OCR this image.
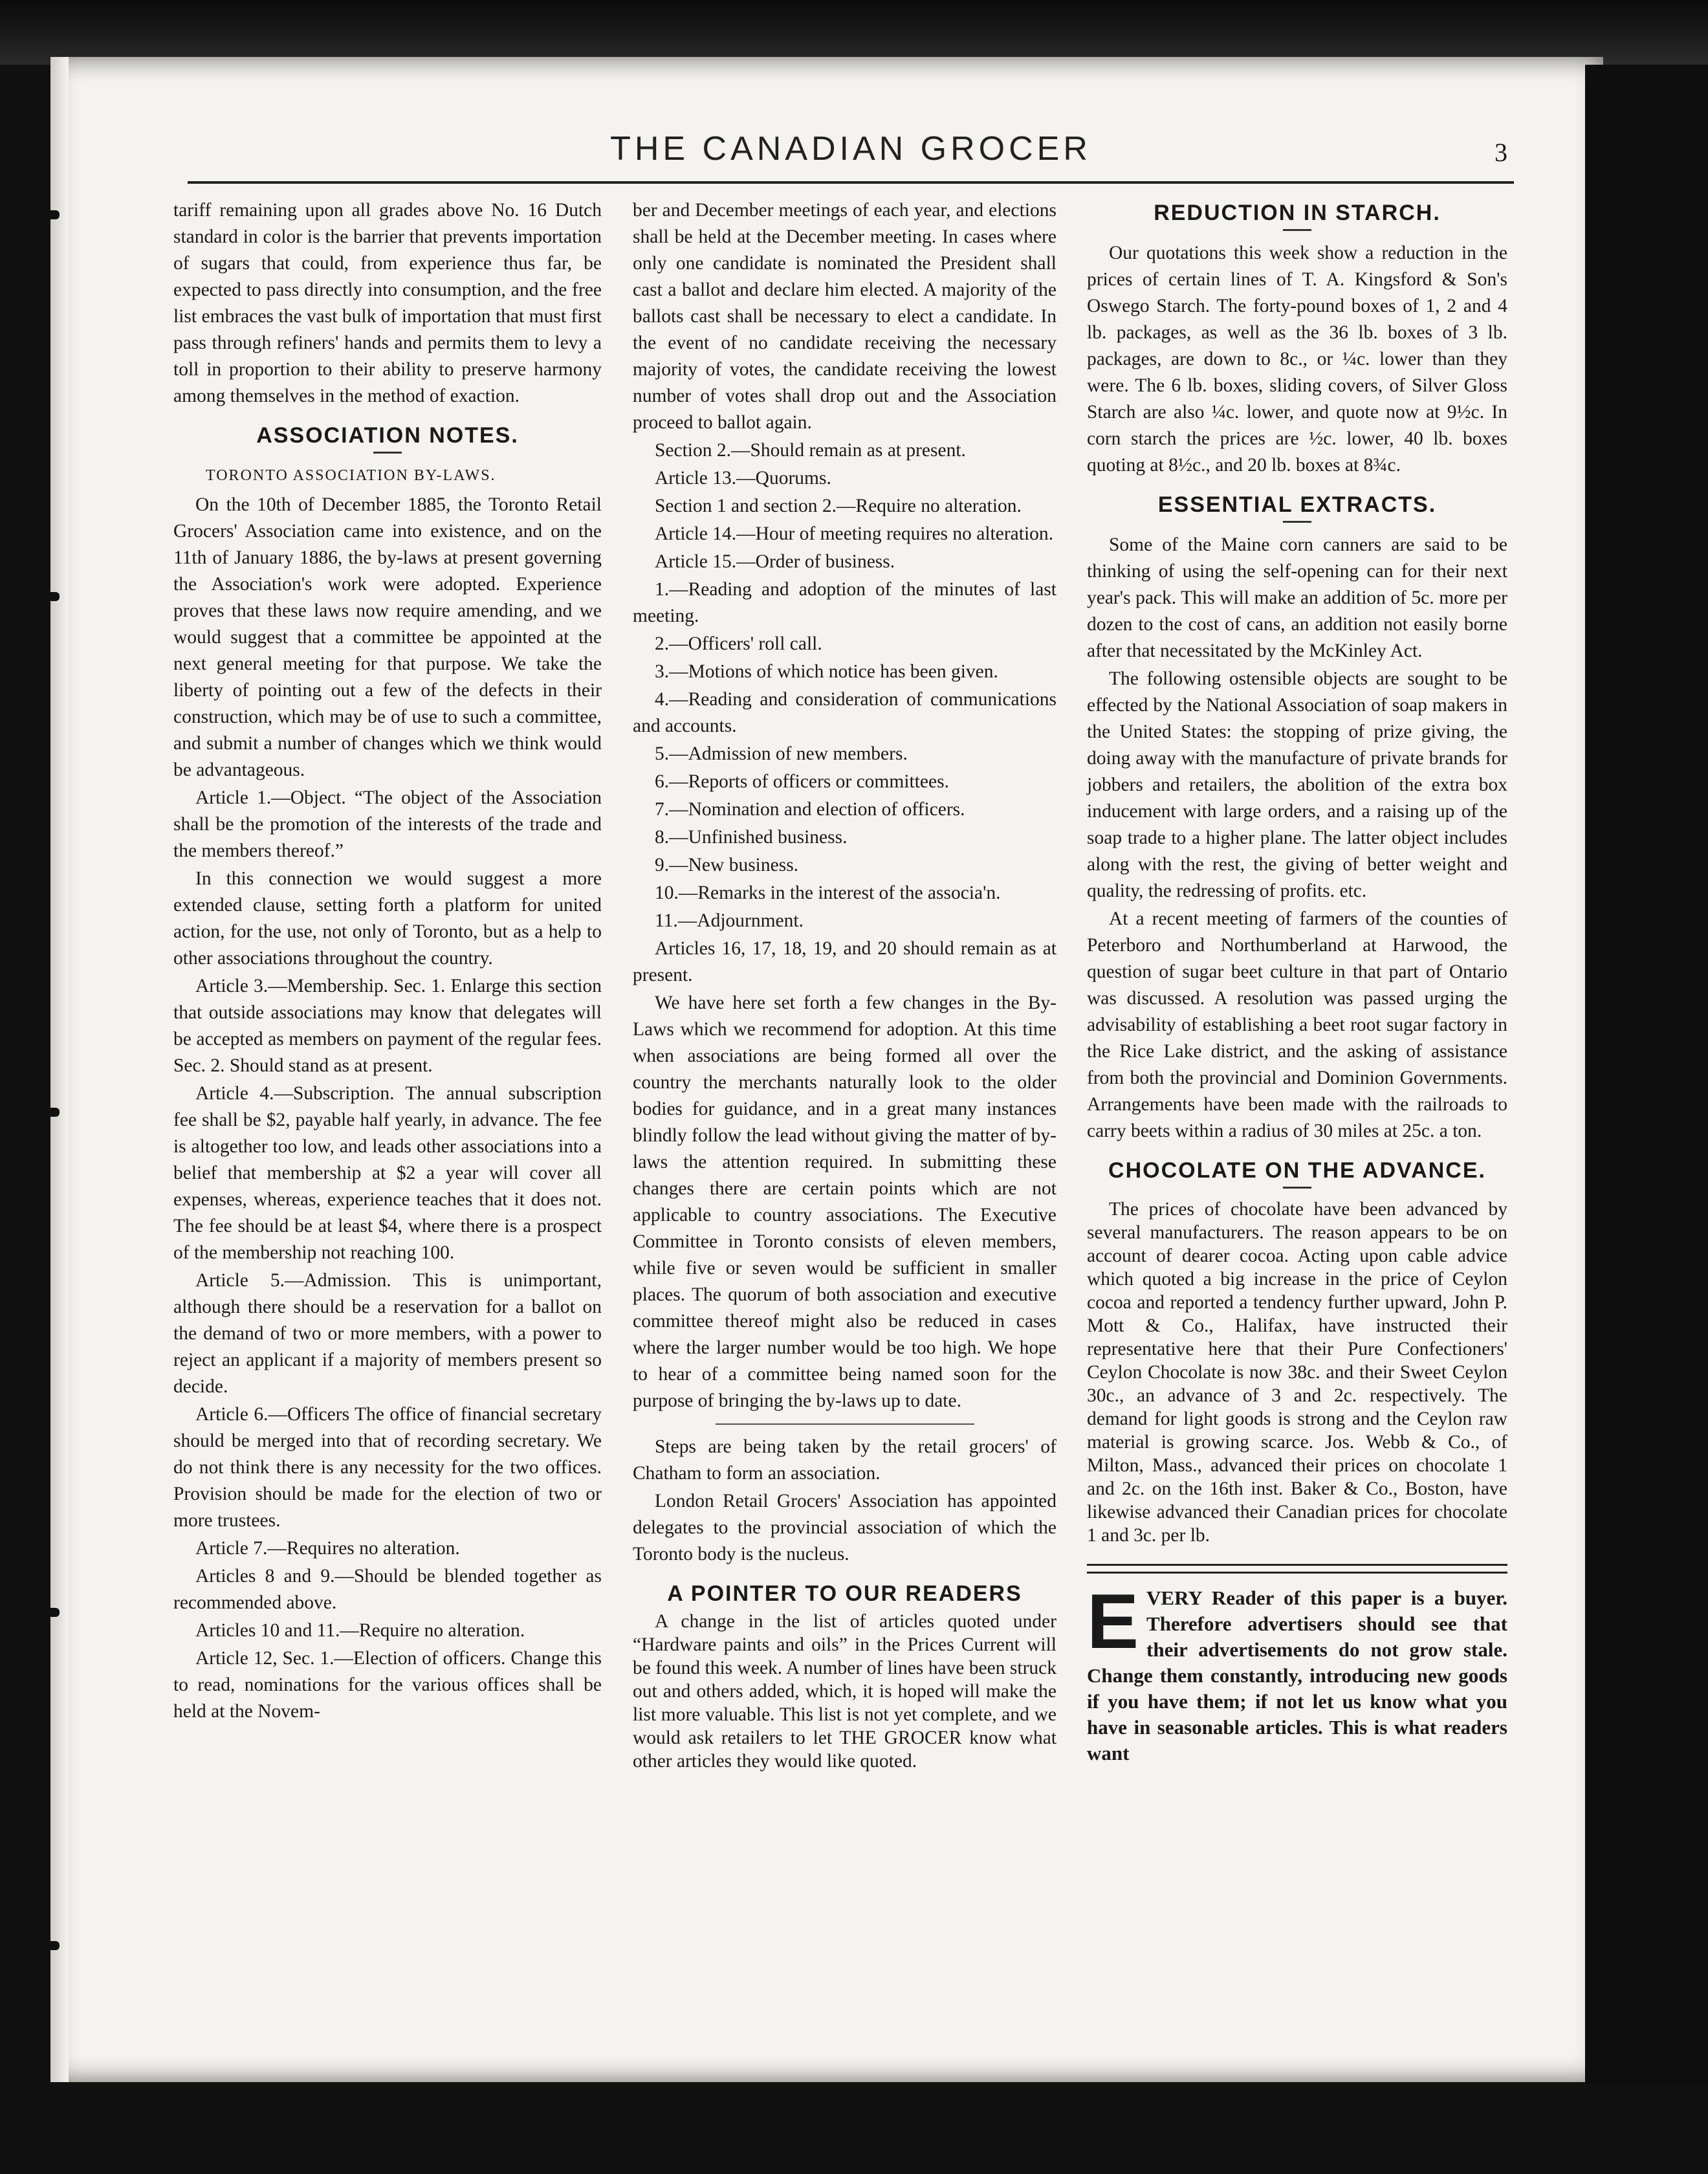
THE CANADIAN GROCER	3

tariff remaining upon all grades above No. 16 Dutch standard in color is the barrier that prevents importation of sugars that could, from experience thus far, be expected to pass directly into consumption, and the free list embraces the vast bulk of importation that must first pass through refiners' hands and permits them to levy a toll in proportion to their ability to preserve harmony among themselves in the method of exaction.

ASSOCIATION NOTES.
TORONTO ASSOCIATION BY-LAWS.

On the 10th of December 1885, the Toronto Retail Grocers' Association came into existence, and on the 11th of January 1886, the by-laws at present governing the Association's work were adopted. Experience proves that these laws now require amending, and we would suggest that a committee be appointed at the next general meeting for that purpose. We take the liberty of pointing out a few of the defects in their construction, which may be of use to such a committee, and submit a number of changes which we think would be advantageous.

Article 1.—Object. “The object of the Association shall be the promotion of the interests of the trade and the members thereof.”

In this connection we would suggest a more extended clause, setting forth a platform for united action, for the use, not only of Toronto, but as a help to other associations throughout the country.

Article 3.—Membership. Sec. 1. Enlarge this section that outside associations may know that delegates will be accepted as members on payment of the regular fees. Sec. 2. Should stand as at present.

Article 4.—Subscription. The annual subscription fee shall be $2, payable half yearly, in advance. The fee is altogether too low, and leads other associations into a belief that membership at $2 a year will cover all expenses, whereas, experience teaches that it does not. The fee should be at least $4, where there is a prospect of the membership not reaching 100.

Article 5.—Admission. This is unimportant, although there should be a reservation for a ballot on the demand of two or more members, with a power to reject an applicant if a majority of members present so decide.

Article 6.—Officers The office of financial secretary should be merged into that of recording secretary. We do not think there is any necessity for the two offices. Provision should be made for the election of two or more trustees.

Article 7.—Requires no alteration.

Articles 8 and 9.—Should be blended together as recommended above.

Articles 10 and 11.—Require no alteration.

Article 12, Sec. 1.—Election of officers. Change this to read, nominations for the various offices shall be held at the Novem-

ber and December meetings of each year, and elections shall be held at the December meeting. In cases where only one candidate is nominated the President shall cast a ballot and declare him elected. A majority of the ballots cast shall be necessary to elect a candidate. In the event of no candidate receiving the necessary majority of votes, the candidate receiving the lowest number of votes shall drop out and the Association proceed to ballot again.

Section 2.—Should remain as at present.

Article 13.—Quorums.

Section 1 and section 2.—Require no alteration.

Article 14.—Hour of meeting requires no alteration.

Article 15.—Order of business.

1.—Reading and adoption of the minutes of last meeting.

2.—Officers' roll call.

3.—Motions of which notice has been given.

4.—Reading and consideration of communications and accounts.

5.—Admission of new members.

6.—Reports of officers or committees.

7.—Nomination and election of officers.

8.—Unfinished business.

9.—New business.

10.—Remarks in the interest of the associa'n.

11.—Adjournment.

Articles 16, 17, 18, 19, and 20 should remain as at present.

We have here set forth a few changes in the By-Laws which we recommend for adoption. At this time when associations are being formed all over the country the merchants naturally look to the older bodies for guidance, and in a great many instances blindly follow the lead without giving the matter of by-laws the attention required. In submitting these changes there are certain points which are not applicable to country associations. The Executive Committee in Toronto consists of eleven members, while five or seven would be sufficient in smaller places. The quorum of both association and executive committee thereof might also be reduced in cases where the larger number would be too high. We hope to hear of a committee being named soon for the purpose of bringing the by-laws up to date.

Steps are being taken by the retail grocers' of Chatham to form an association.

London Retail Grocers' Association has appointed delegates to the provincial association of which the Toronto body is the nucleus.

A POINTER TO OUR READERS

A change in the list of articles quoted under “Hardware paints and oils” in the Prices Current will be found this week. A number of lines have been struck out and others added, which, it is hoped will make the list more valuable. This list is not yet complete, and we would ask retailers to let THE GROCER know what other articles they would like quoted.

REDUCTION IN STARCH.

Our quotations this week show a reduction in the prices of certain lines of T. A. Kingsford & Son's Oswego Starch. The forty-pound boxes of 1, 2 and 4 lb. packages, as well as the 36 lb. boxes of 3 lb. packages, are down to 8c., or ¼c. lower than they were. The 6 lb. boxes, sliding covers, of Silver Gloss Starch are also ¼c. lower, and quote now at 9½c. In corn starch the prices are ½c. lower, 40 lb. boxes quoting at 8½c., and 20 lb. boxes at 8¾c.

ESSENTIAL EXTRACTS.

Some of the Maine corn canners are said to be thinking of using the self-opening can for their next year's pack. This will make an addition of 5c. more per dozen to the cost of cans, an addition not easily borne after that necessitated by the McKinley Act.

The following ostensible objects are sought to be effected by the National Association of soap makers in the United States: the stopping of prize giving, the doing away with the manufacture of private brands for jobbers and retailers, the abolition of the extra box inducement with large orders, and a raising up of the soap trade to a higher plane. The latter object includes along with the rest, the giving of better weight and quality, the redressing of profits. etc.

At a recent meeting of farmers of the counties of Peterboro and Northumberland at Harwood, the question of sugar beet culture in that part of Ontario was discussed. A resolution was passed urging the advisability of establishing a beet root sugar factory in the Rice Lake district, and the asking of assistance from both the provincial and Dominion Governments. Arrangements have been made with the railroads to carry beets within a radius of 30 miles at 25c. a ton.

CHOCOLATE ON THE ADVANCE.

The prices of chocolate have been advanced by several manufacturers. The reason appears to be on account of dearer cocoa. Acting upon cable advice which quoted a big increase in the price of Ceylon cocoa and reported a tendency further upward, John P. Mott & Co., Halifax, have instructed their representative here that their Pure Confectioners' Ceylon Chocolate is now 38c. and their Sweet Ceylon 30c., an advance of 3 and 2c. respectively. The demand for light goods is strong and the Ceylon raw material is growing scarce. Jos. Webb & Co., of Milton, Mass., advanced their prices on chocolate 1 and 2c. on the 16th inst. Baker & Co., Boston, have likewise advanced their Canadian prices for chocolate 1 and 3c. per lb.

E VERY Reader of this paper is a buyer. Therefore advertisers should see that their advertisements do not grow stale. Change them constantly, introducing new goods if you have them; if not let us know what you have in seasonable articles. This is what readers want
